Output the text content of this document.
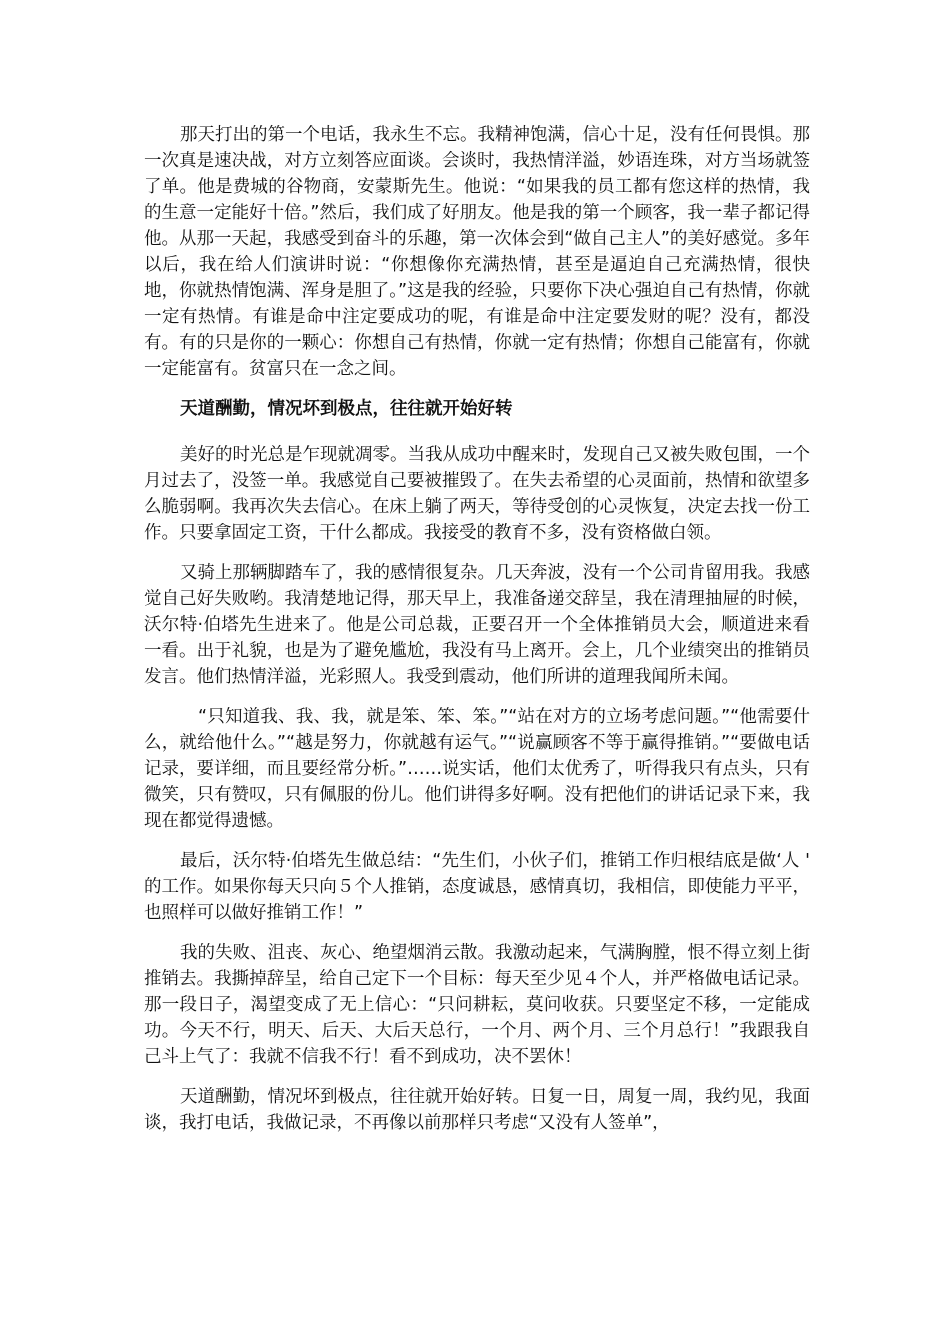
那天打出的第一个电话，我永生不忘。我精神饱满，信心十足，没有任何畏惧。那一次真是速决战，对方立刻答应面谈。会谈时，我热情洋溢，妙语连珠，对方当场就签了单。他是费城的谷物商，安蒙斯先生。他说：“如果我的员工都有您这样的热情，我的生意一定能好十倍。”然后，我们成了好朋友。他是我的第一个顾客，我一辈子都记得他。从那一天起，我感受到奋斗的乐趣，第一次体会到“做自己主人”的美好感觉。多年以后，我在给人们演讲时说：“你想像你充满热情，甚至是逼迫自己充满热情，很快地，你就热情饱满、浑身是胆了。”这是我的经验，只要你下决心强迫自己有热情，你就一定有热情。有谁是命中注定要成功的呢，有谁是命中注定要发财的呢？没有，都没有。有的只是你的一颗心：你想自己有热情，你就一定有热情；你想自己能富有，你就一定能富有。贫富只在一念之间。

天道酬勤，情况坏到极点，往往就开始好转

美好的时光总是乍现就凋零。当我从成功中醒来时，发现自己又被失败包围，一个月过去了，没签一单。我感觉自己要被摧毁了。在失去希望的心灵面前，热情和欲望多么脆弱啊。我再次失去信心。在床上躺了两天，等待受创的心灵恢复，决定去找一份工作。只要拿固定工资，干什么都成。我接受的教育不多，没有资格做白领。

又骑上那辆脚踏车了，我的感情很复杂。几天奔波，没有一个公司肯留用我。我感觉自己好失败哟。我清楚地记得，那天早上，我准备递交辞呈，我在清理抽屉的时候，沃尔特·伯塔先生进来了。他是公司总裁，正要召开一个全体推销员大会，顺道进来看一看。出于礼貌，也是为了避免尴尬，我没有马上离开。会上，几个业绩突出的推销员发言。他们热情洋溢，光彩照人。我受到震动，他们所讲的道理我闻所未闻。

“只知道我、我、我，就是笨、笨、笨。”“站在对方的立场考虑问题。”“他需要什么，就给他什么。”“越是努力，你就越有运气。”“说赢顾客不等于赢得推销。”“要做电话记录，要详细，而且要经常分析。”……说实话，他们太优秀了，听得我只有点头，只有微笑，只有赞叹，只有佩服的份儿。他们讲得多好啊。没有把他们的讲话记录下来，我现在都觉得遗憾。

最后，沃尔特·伯塔先生做总结：“先生们，小伙子们，推销工作归根结底是做‘人 ' 的工作。如果你每天只向５个人推销，态度诚恳，感情真切，我相信，即使能力平平，也照样可以做好推销工作！”

我的失败、沮丧、灰心、绝望烟消云散。我激动起来，气满胸膛，恨不得立刻上街推销去。我撕掉辞呈，给自己定下一个目标：每天至少见４个人，并严格做电话记录。那一段日子，渴望变成了无上信心：“只问耕耘，莫问收获。只要坚定不移，一定能成功。今天不行，明天、后天、大后天总行，一个月、两个月、三个月总行！”我跟我自己斗上气了：我就不信我不行！看不到成功，决不罢休！

天道酬勤，情况坏到极点，往往就开始好转。日复一日，周复一周，我约见，我面谈，我打电话，我做记录，不再像以前那样只考虑“又没有人签单”，
